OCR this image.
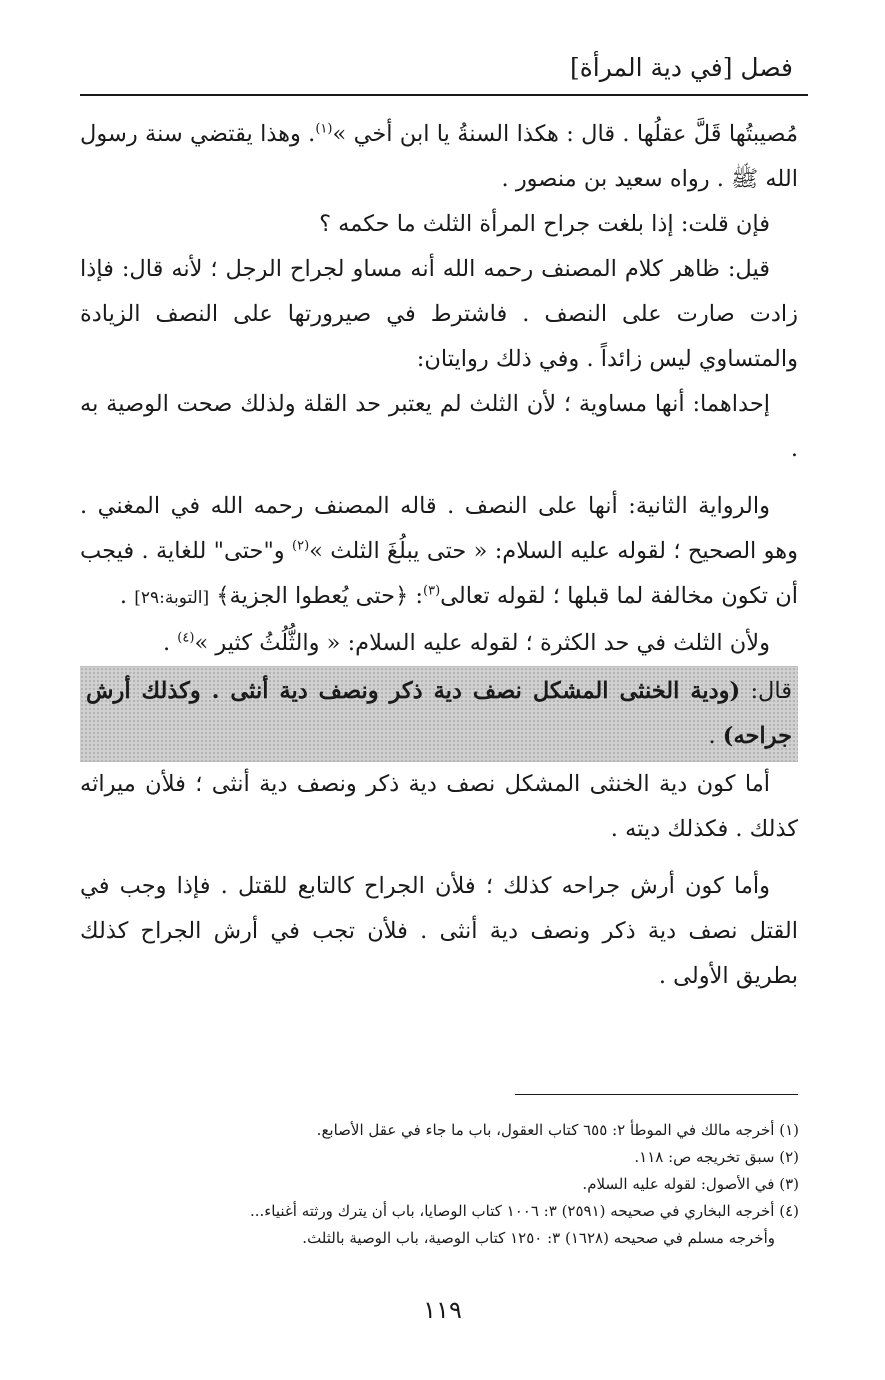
فصل [في دية المرأة]

مُصيبتُها قَلَّ عقلُها . قال : هكذا السنةُ يا ابن أخي »$^{(١)}$. وهذا يقتضي سنة رسول الله ﷺ . رواه سعيد بن منصور .

فإن قلت: إذا بلغت جراح المرأة الثلث ما حكمه ؟

قيل: ظاهر كلام المصنف رحمه الله أنه مساو لجراح الرجل ؛ لأنه قال: فإذا زادت صارت على النصف . فاشترط في صيرورتها على النصف الزيادة والمتساوي ليس زائداً . وفي ذلك روايتان:

إحداهما: أنها مساوية ؛ لأن الثلث لم يعتبر حد القلة ولذلك صحت الوصية به .

والرواية الثانية: أنها على النصف . قاله المصنف رحمه الله في المغني . وهو الصحيح ؛ لقوله عليه السلام: « حتى يبلُغَ الثلث »$^{(٢)}$ و"حتى" للغاية . فيجب أن تكون مخالفة لما قبلها ؛ لقوله تعالى$^{(٣)}$: ﴿حتى يُعطوا الجزية﴾ [التوبة:٢٩] .

ولأن الثلث في حد الكثرة ؛ لقوله عليه السلام: « والثُّلُثُ كثير »$^{(٤)}$ .

قال: (ودية الخنثى المشكل نصف دية ذكر ونصف دية أنثى . وكذلك أرش جراحه) .

أما كون دية الخنثى المشكل نصف دية ذكر ونصف دية أنثى ؛ فلأن ميراثه كذلك . فكذلك ديته .

وأما كون أرش جراحه كذلك ؛ فلأن الجراح كالتابع للقتل . فإذا وجب في القتل نصف دية ذكر ونصف دية أنثى . فلأن تجب في أرش الجراح كذلك بطريق الأولى .

(١) أخرجه مالك في الموطأ ٢: ٦٥٥ كتاب العقول، باب ما جاء في عقل الأصابع.
(٢) سبق تخريجه ص: ١١٨.
(٣) في الأصول: لقوله عليه السلام.
(٤) أخرجه البخاري في صحيحه (٢٥٩١) ٣: ١٠٠٦ كتاب الوصايا، باب أن يترك ورثته أغنياء...
وأخرجه مسلم في صحيحه (١٦٢٨) ٣: ١٢٥٠ كتاب الوصية، باب الوصية بالثلث.
١١٩
